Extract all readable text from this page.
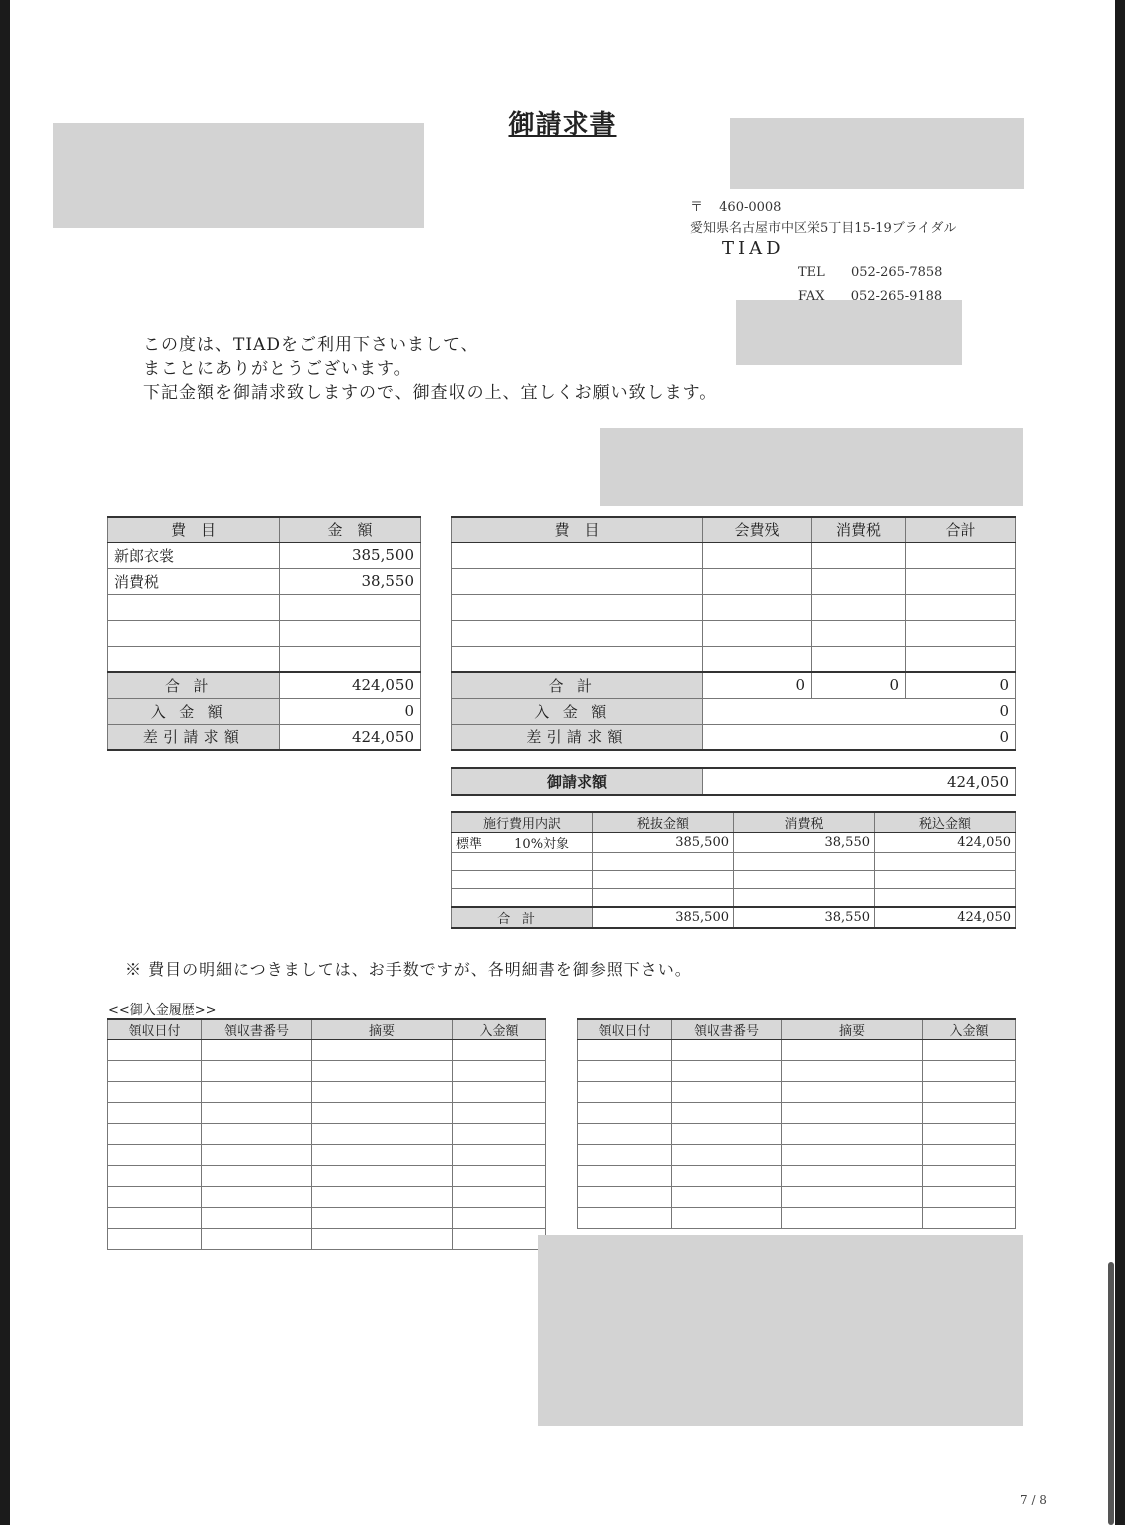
御請求書
〒 460-0008
愛知県名古屋市中区栄5丁目15-19ブライダル
TIAD
TEL 052-265-7858
FAX 052-265-9188
この度は、TIADをご利用下さいまして、
まことにありがとうございます。
下記金額を御請求致しますので、御査収の上、宜しくお願い致します。
費　目	金　額
新郎衣裳	385,500
消費税	38,550

合計	424,050
入金額	0
差引請求額	424,050
費　目	会費残	消費税	合計

合計	0	0	0
入金額	0		
差引請求額	0		
御請求額	424,050
施行費用内訳	税抜金額	消費税	税込金額
標準 10%対象	385,500	38,550	424,050

合計	385,500	38,550	424,050
※ 費目の明細につきましては、お手数ですが、各明細書を御参照下さい。
<<御入金履歴>>
領収日付	領収書番号	摘要	入金額

				領収日付	領収書番号	摘要	入金額

7 / 8
